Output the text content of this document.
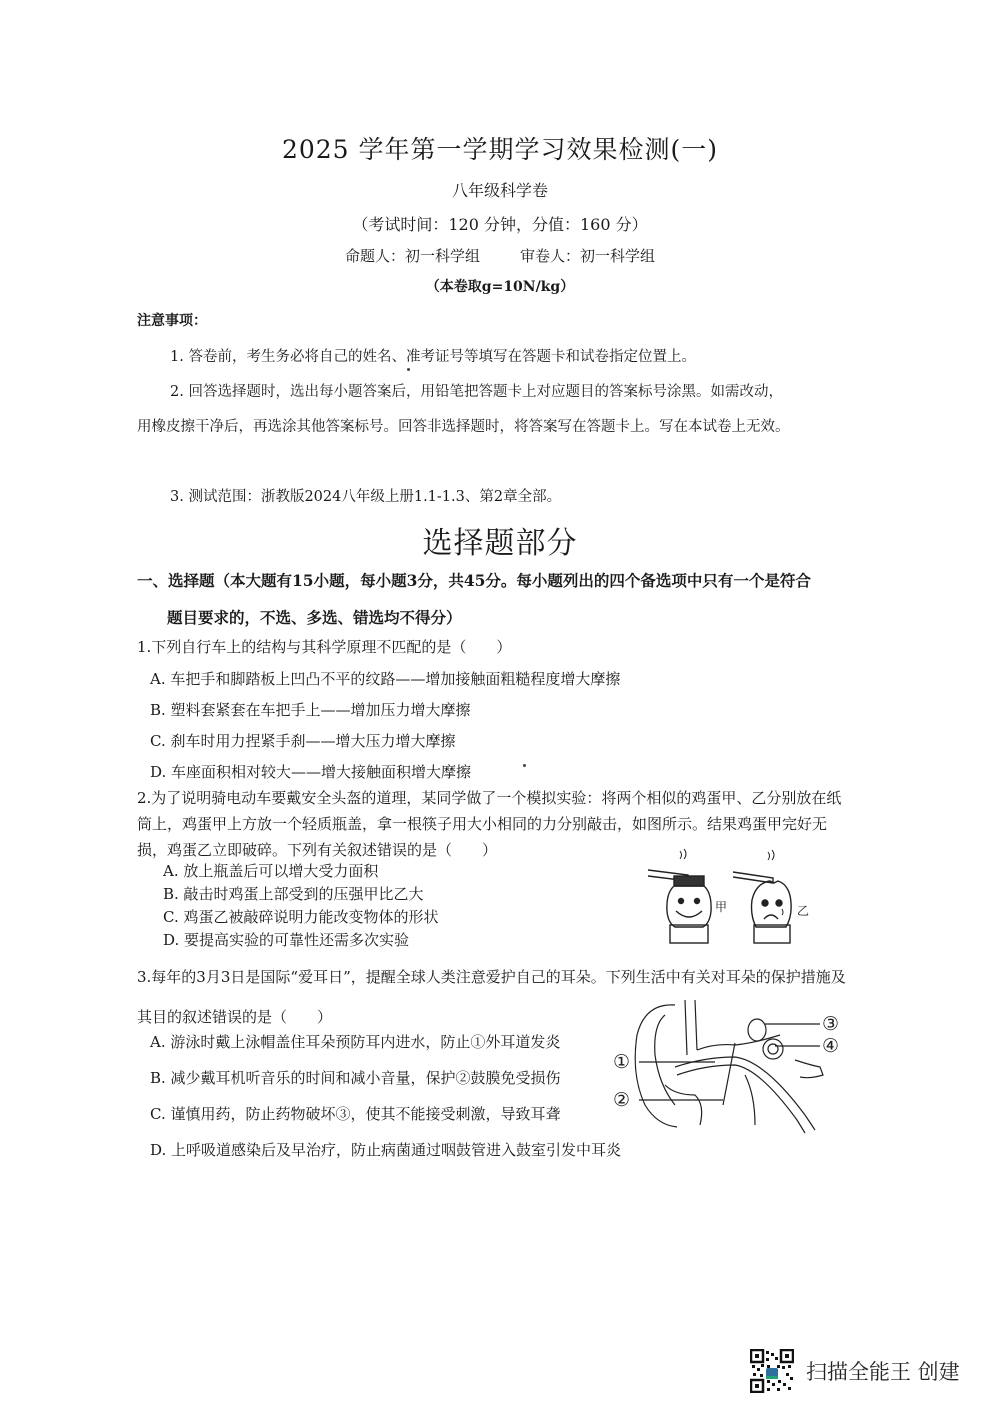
2025 学年第一学期学习效果检测(一)
八年级科学卷
（考试时间：120 分钟，分值：160 分）
命题人：初一科学组	审卷人：初一科学组
（本卷取g=10N/kg）
注意事项：
1. 答卷前，考生务必将自己的姓名、准考证号等填写在答题卡和试卷指定位置上。
2. 回答选择题时，选出每小题答案后，用铅笔把答题卡上对应题目的答案标号涂黑。如需改动，用橡皮擦干净后，再选涂其他答案标号。回答非选择题时，将答案写在答题卡上。写在本试卷上无效。
3. 测试范围：浙教版2024八年级上册1.1-1.3、第2章全部。
选择题部分
一、选择题（本大题有15小题，每小题3分，共45分。每小题列出的四个备选项中只有一个是符合
题目要求的，不选、多选、错选均不得分）
1.下列自行车上的结构与其科学原理不匹配的是（　　）
A. 车把手和脚踏板上凹凸不平的纹路——增加接触面粗糙程度增大摩擦
B. 塑料套紧套在车把手上——增加压力增大摩擦
C. 刹车时用力捏紧手刹——增大压力增大摩擦
D. 车座面积相对较大——增大接触面积增大摩擦
2.为了说明骑电动车要戴安全头盔的道理，某同学做了一个模拟实验：将两个相似的鸡蛋甲、乙分别放在纸筒上，鸡蛋甲上方放一个轻质瓶盖，拿一根筷子用大小相同的力分别敲击，如图所示。结果鸡蛋甲完好无损，鸡蛋乙立即破碎。下列有关叙述错误的是（　　）
A. 放上瓶盖后可以增大受力面积
B. 敲击时鸡蛋上部受到的压强甲比乙大
C. 鸡蛋乙被敲碎说明力能改变物体的形状
D. 要提高实验的可靠性还需多次实验
甲	乙
3.每年的3月3日是国际“爱耳日”，提醒全球人类注意爱护自己的耳朵。下列生活中有关对耳朵的保护措施及其目的叙述错误的是（　　）
A. 游泳时戴上泳帽盖住耳朵预防耳内进水，防止①外耳道发炎
B. 减少戴耳机听音乐的时间和减小音量，保护②鼓膜免受损伤
C. 谨慎用药，防止药物破坏③，使其不能接受刺激，导致耳聋
D. 上呼吸道感染后及早治疗，防止病菌通过咽鼓管进入鼓室引发中耳炎
①
②
③
④
扫描全能王 创建
